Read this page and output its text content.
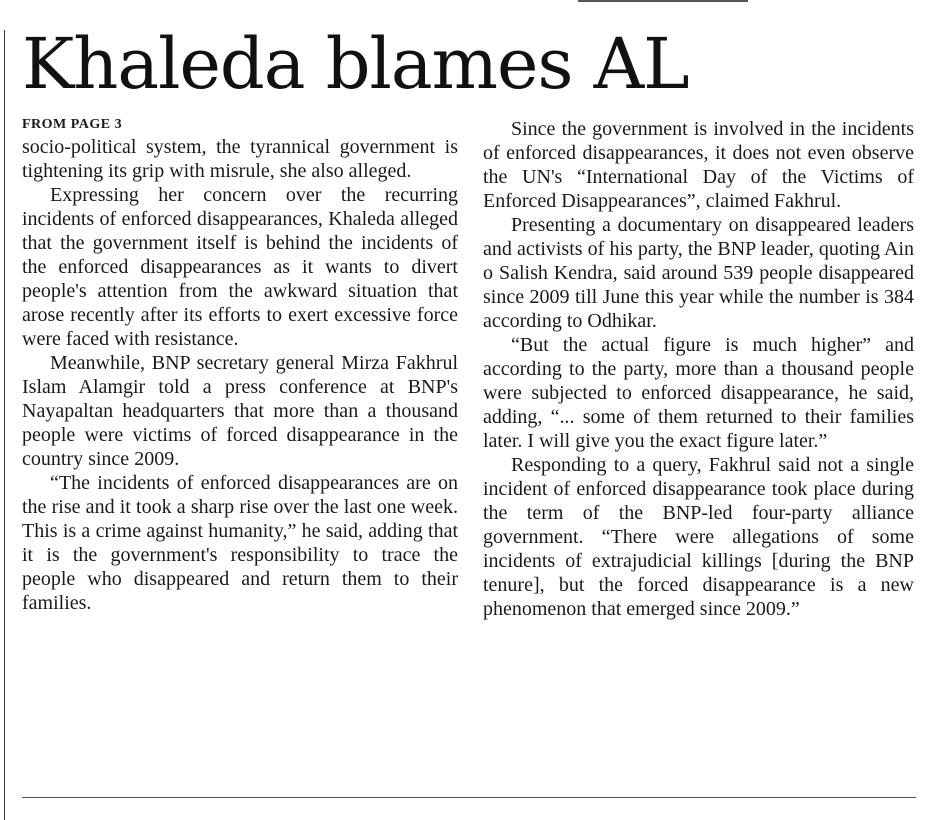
Khaleda blames AL

FROM PAGE 3

socio-political system, the tyrannical government is tightening its grip with misrule, she also alleged.

Expressing her concern over the recurring incidents of enforced disappearances, Khaleda alleged that the government itself is behind the incidents of the enforced disappearances as it wants to divert people's attention from the awkward situation that arose recently after its efforts to exert excessive force were faced with resistance.

Meanwhile, BNP secretary general Mirza Fakhrul Islam Alamgir told a press conference at BNP's Nayapaltan headquarters that more than a thousand people were victims of forced disappearance in the country since 2009.

“The incidents of enforced disappearances are on the rise and it took a sharp rise over the last one week. This is a crime against humanity,” he said, adding that it is the government's responsibility to trace the people who disappeared and return them to their families.

Since the government is involved in the incidents of enforced disappearances, it does not even observe the UN's “International Day of the Victims of Enforced Disappearances”, claimed Fakhrul.

Presenting a documentary on disappeared leaders and activists of his party, the BNP leader, quoting Ain o Salish Kendra, said around 539 people disappeared since 2009 till June this year while the number is 384 according to Odhikar.

“But the actual figure is much higher” and according to the party, more than a thousand people were subjected to enforced disappearance, he said, adding, “... some of them returned to their families later. I will give you the exact figure later.”

Responding to a query, Fakhrul said not a single incident of enforced disappearance took place during the term of the BNP-led four-party alliance government. “There were allegations of some incidents of extrajudicial killings [during the BNP tenure], but the forced disappearance is a new phenomenon that emerged since 2009.”
